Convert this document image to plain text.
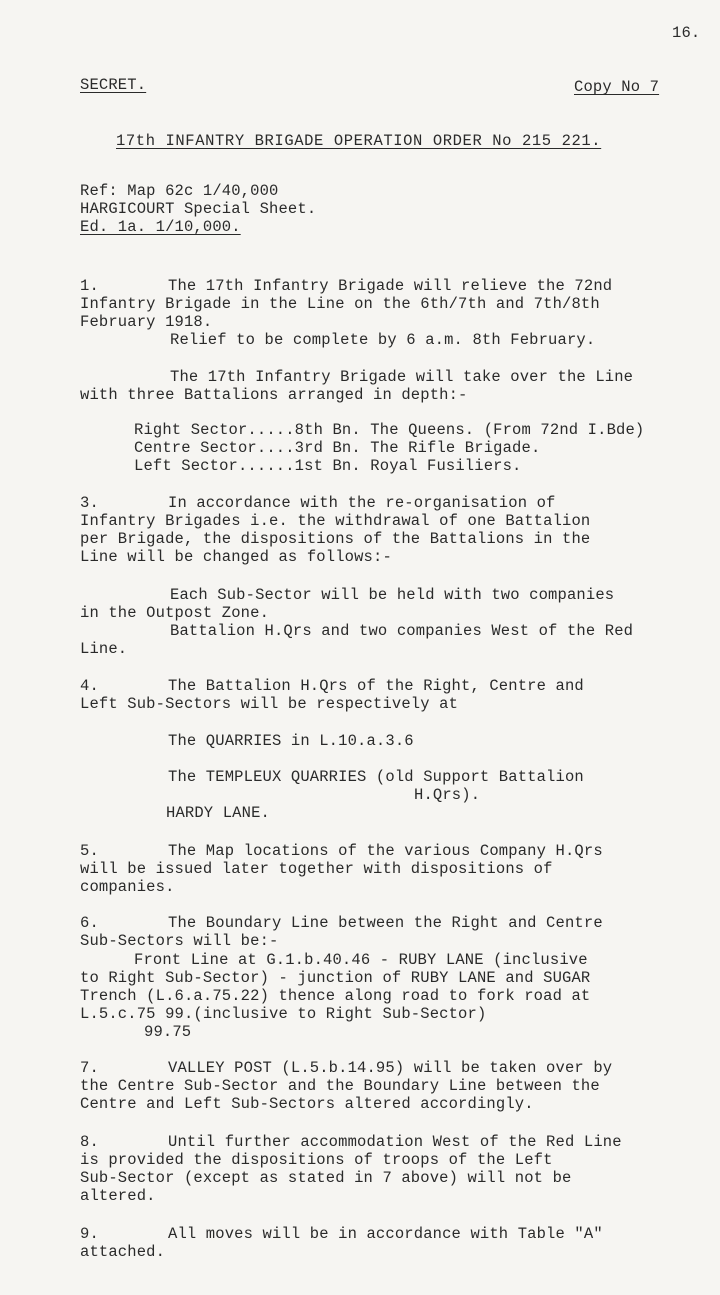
16.
SECRET.	Copy No 7
17th INFANTRY BRIGADE OPERATION ORDER No 215 221.
Ref: Map 62c 1/40,000
HARGICOURT Special Sheet.
Ed. 1a. 1/10,000.
1.	The 17th Infantry Brigade will relieve the 72nd
Infantry Brigade in the Line on the 6th/7th and 7th/8th
February 1918.
Relief to be complete by 6 a.m. 8th February.
The 17th Infantry Brigade will take over the Line
with three Battalions arranged in depth:-
Right Sector.....8th Bn. The Queens. (From 72nd I.Bde)
Centre Sector....3rd Bn. The Rifle Brigade.
Left Sector......1st Bn. Royal Fusiliers.
3.	In accordance with the re-organisation of
Infantry Brigades i.e. the withdrawal of one Battalion
per Brigade, the dispositions of the Battalions in the
Line will be changed as follows:-
Each Sub-Sector will be held with two companies
in the Outpost Zone.
Battalion H.Qrs and two companies West of the Red
Line.
4.	The Battalion H.Qrs of the Right, Centre and
Left Sub-Sectors will be respectively at
The QUARRIES in L.10.a.3.6
The TEMPLEUX QUARRIES (old Support Battalion
H.Qrs).
HARDY LANE.
5.	The Map locations of the various Company H.Qrs
will be issued later together with dispositions of
companies.
6.	The Boundary Line between the Right and Centre
Sub-Sectors will be:-
Front Line at G.1.b.40.46 - RUBY LANE (inclusive
to Right Sub-Sector) - junction of RUBY LANE and SUGAR
Trench (L.6.a.75.22) thence along road to fork road at
L.5.c.75 99.(inclusive to Right Sub-Sector)
99.75
7.	VALLEY POST (L.5.b.14.95) will be taken over by
the Centre Sub-Sector and the Boundary Line between the
Centre and Left Sub-Sectors altered accordingly.
8.	Until further accommodation West of the Red Line
is provided the dispositions of troops of the Left
Sub-Sector (except as stated in 7 above) will not be
altered.
9.	All moves will be in accordance with Table "A"
attached.
